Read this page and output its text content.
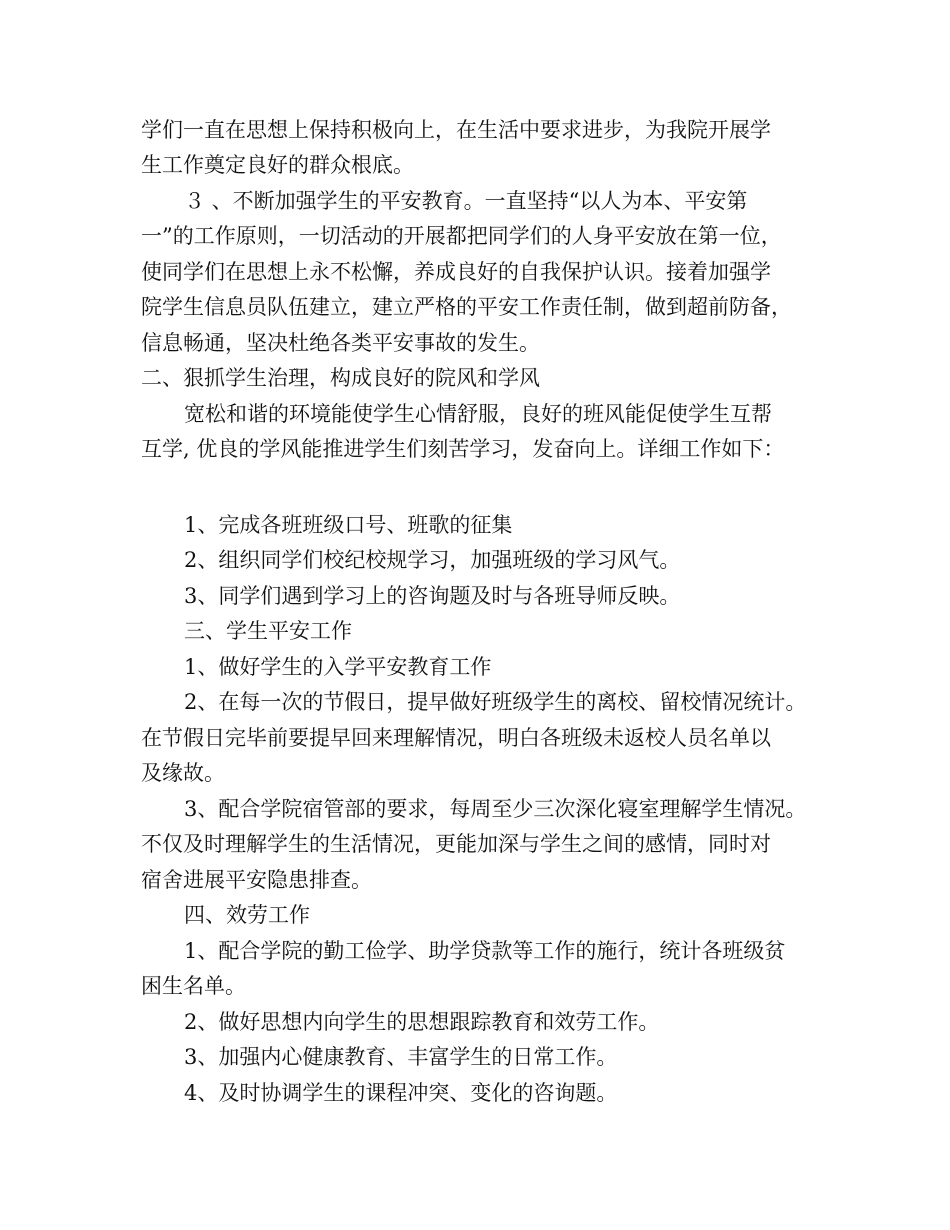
学们一直在思想上保持积极向上，在生活中要求进步，为我院开展学

生工作奠定良好的群众根底。

３ 、不断加强学生的平安教育。一直坚持“以人为本、平安第

一”的工作原则，一切活动的开展都把同学们的人身平安放在第一位，

使同学们在思想上永不松懈，养成良好的自我保护认识。接着加强学

院学生信息员队伍建立，建立严格的平安工作责任制，做到超前防备，

信息畅通，坚决杜绝各类平安事故的发生。

二、狠抓学生治理，构成良好的院风和学风

宽松和谐的环境能使学生心情舒服，良好的班风能促使学生互帮

互学, 优良的学风能推进学生们刻苦学习，发奋向上。详细工作如下：

1、完成各班班级口号、班歌的征集

2、组织同学们校纪校规学习，加强班级的学习风气。

3、同学们遇到学习上的咨询题及时与各班导师反映。

三、学生平安工作

1、做好学生的入学平安教育工作

2、在每一次的节假日，提早做好班级学生的离校、留校情况统计。

在节假日完毕前要提早回来理解情况，明白各班级未返校人员名单以

及缘故。

3、配合学院宿管部的要求，每周至少三次深化寝室理解学生情况。

不仅及时理解学生的生活情况，更能加深与学生之间的感情，同时对

宿舍进展平安隐患排查。

四、效劳工作

1、配合学院的勤工俭学、助学贷款等工作的施行，统计各班级贫

困生名单。

2、做好思想内向学生的思想跟踪教育和效劳工作。

3、加强内心健康教育、丰富学生的日常工作。

4、及时协调学生的课程冲突、变化的咨询题。
